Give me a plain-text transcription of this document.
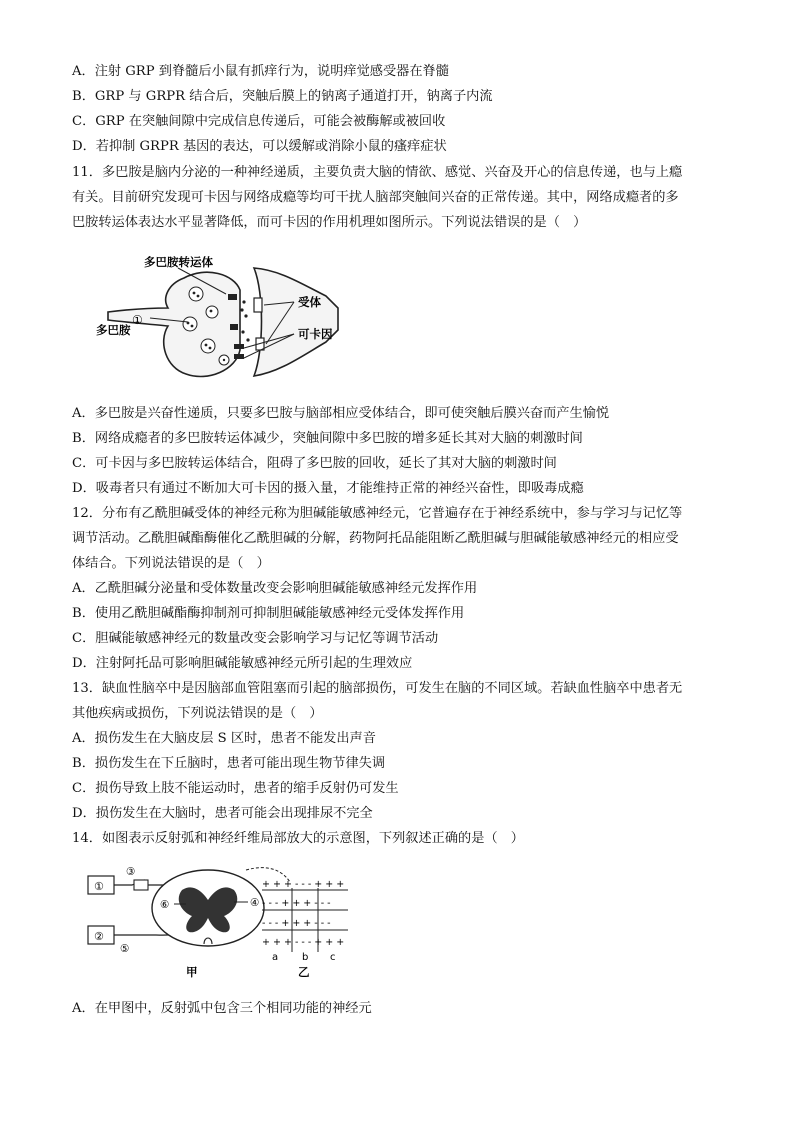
A．注射 GRP 到脊髓后小鼠有抓痒行为，说明痒觉感受器在脊髓
B．GRP 与 GRPR 结合后，突触后膜上的钠离子通道打开，钠离子内流
C．GRP 在突触间隙中完成信息传递后，可能会被酶解或被回收
D．若抑制 GRPR 基因的表达，可以缓解或消除小鼠的瘙痒症状
11．多巴胺是脑内分泌的一种神经递质，主要负责大脑的情欲、感觉、兴奋及开心的信息传递，也与上瘾
有关。目前研究发现可卡因与网络成瘾等均可干扰人脑部突触间兴奋的正常传递。其中，网络成瘾者的多
巴胺转运体表达水平显著降低，而可卡因的作用机理如图所示。下列说法错误的是（　）
多巴胺转运体
①
多巴胺
受体
可卡因
A．多巴胺是兴奋性递质，只要多巴胺与脑部相应受体结合，即可使突触后膜兴奋而产生愉悦
B．网络成瘾者的多巴胺转运体减少，突触间隙中多巴胺的增多延长其对大脑的刺激时间
C．可卡因与多巴胺转运体结合，阻碍了多巴胺的回收，延长了其对大脑的刺激时间
D．吸毒者只有通过不断加大可卡因的摄入量，才能维持正常的神经兴奋性，即吸毒成瘾
12．分布有乙酰胆碱受体的神经元称为胆碱能敏感神经元，它普遍存在于神经系统中，参与学习与记忆等
调节活动。乙酰胆碱酯酶催化乙酰胆碱的分解，药物阿托品能阻断乙酰胆碱与胆碱能敏感神经元的相应受
体结合。下列说法错误的是（　）
A．乙酰胆碱分泌量和受体数量改变会影响胆碱能敏感神经元发挥作用
B．使用乙酰胆碱酯酶抑制剂可抑制胆碱能敏感神经元受体发挥作用
C．胆碱能敏感神经元的数量改变会影响学习与记忆等调节活动
D．注射阿托品可影响胆碱能敏感神经元所引起的生理效应
13．缺血性脑卒中是因脑部血管阻塞而引起的脑部损伤，可发生在脑的不同区域。若缺血性脑卒中患者无
其他疾病或损伤，下列说法错误的是（　）
A．损伤发生在大脑皮层 S 区时，患者不能发出声音
B．损伤发生在下丘脑时，患者可能出现生物节律失调
C．损伤导致上肢不能运动时，患者的缩手反射仍可发生
D．损伤发生在大脑时，患者可能会出现排尿不完全
14．如图表示反射弧和神经纤维局部放大的示意图，下列叙述正确的是（　）
①
②
③
④
⑤
⑥
甲
+ + + - - - + + +
- - - + + + - - -
- - - + + + - - -
+ + + - - - + + +
a b c
乙
A．在甲图中，反射弧中包含三个相同功能的神经元
